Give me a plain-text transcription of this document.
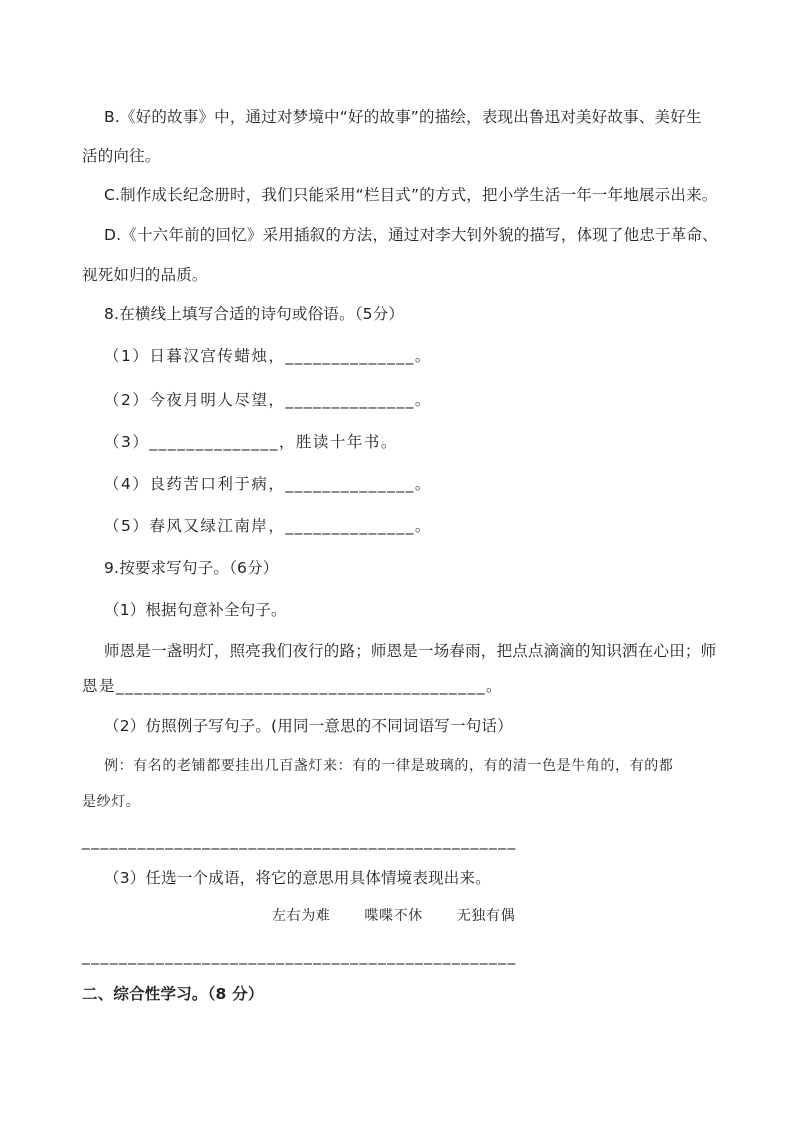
B.《好的故事》中，通过对梦境中“好的故事”的描绘，表现出鲁迅对美好故事、美好生
活的向往。
C.制作成长纪念册时，我们只能采用“栏目式”的方式，把小学生活一年一年地展示出来。
D.《十六年前的回忆》采用插叙的方法，通过对李大钊外貌的描写，体现了他忠于革命、
视死如归的品质。
8.在横线上填写合适的诗句或俗语。（5分）
（1）日暮汉宫传蜡烛，______________。
（2）今夜月明人尽望，______________。
（3）______________，胜读十年书。
（4）良药苦口利于病，______________。
（5）春风又绿江南岸，______________。
9.按要求写句子。（6分）
（1）根据句意补全句子。
师恩是一盏明灯，照亮我们夜行的路；师恩是一场春雨，把点点滴滴的知识洒在心田；师
恩是________________________________________。
（2）仿照例子写句子。(用同一意思的不同词语写一句话）
例：有名的老铺都要挂出几百盏灯来：有的一律是玻璃的，有的清一色是牛角的，有的都
是纱灯。
_______________________________________________
（3）任选一个成语，将它的意思用具体情境表现出来。
左右为难 喋喋不休 无独有偶
_______________________________________________
二、综合性学习。（8 分）
